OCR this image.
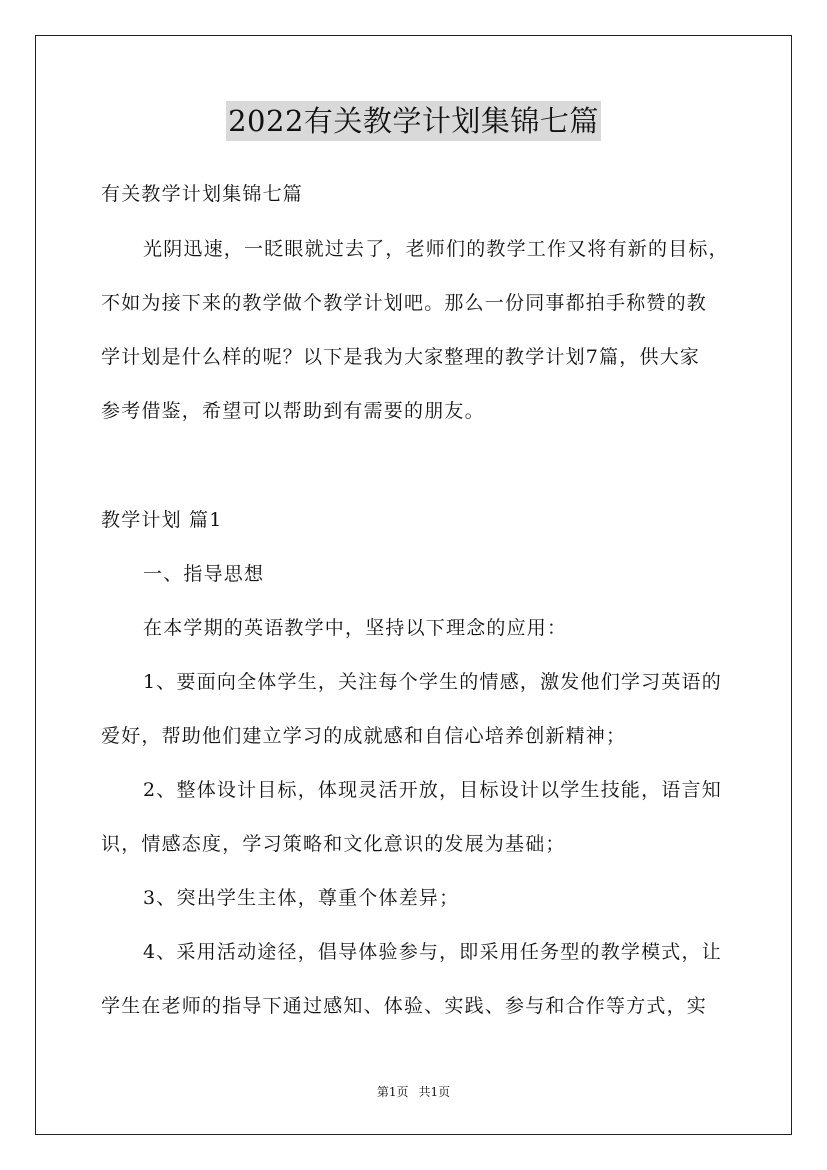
2022有关教学计划集锦七篇
有关教学计划集锦七篇
光阴迅速，一眨眼就过去了，老师们的教学工作又将有新的目标，
不如为接下来的教学做个教学计划吧。那么一份同事都拍手称赞的教
学计划是什么样的呢？以下是我为大家整理的教学计划7篇，供大家
参考借鉴，希望可以帮助到有需要的朋友。
教学计划 篇1
一、指导思想
在本学期的英语教学中，坚持以下理念的应用：
1、要面向全体学生，关注每个学生的情感，激发他们学习英语的
爱好，帮助他们建立学习的成就感和自信心培养创新精神；
2、整体设计目标，体现灵活开放，目标设计以学生技能，语言知
识，情感态度，学习策略和文化意识的发展为基础；
3、突出学生主体，尊重个体差异；
4、采用活动途径，倡导体验参与，即采用任务型的教学模式，让
学生在老师的指导下通过感知、体验、实践、参与和合作等方式，实
第1页 共1页
